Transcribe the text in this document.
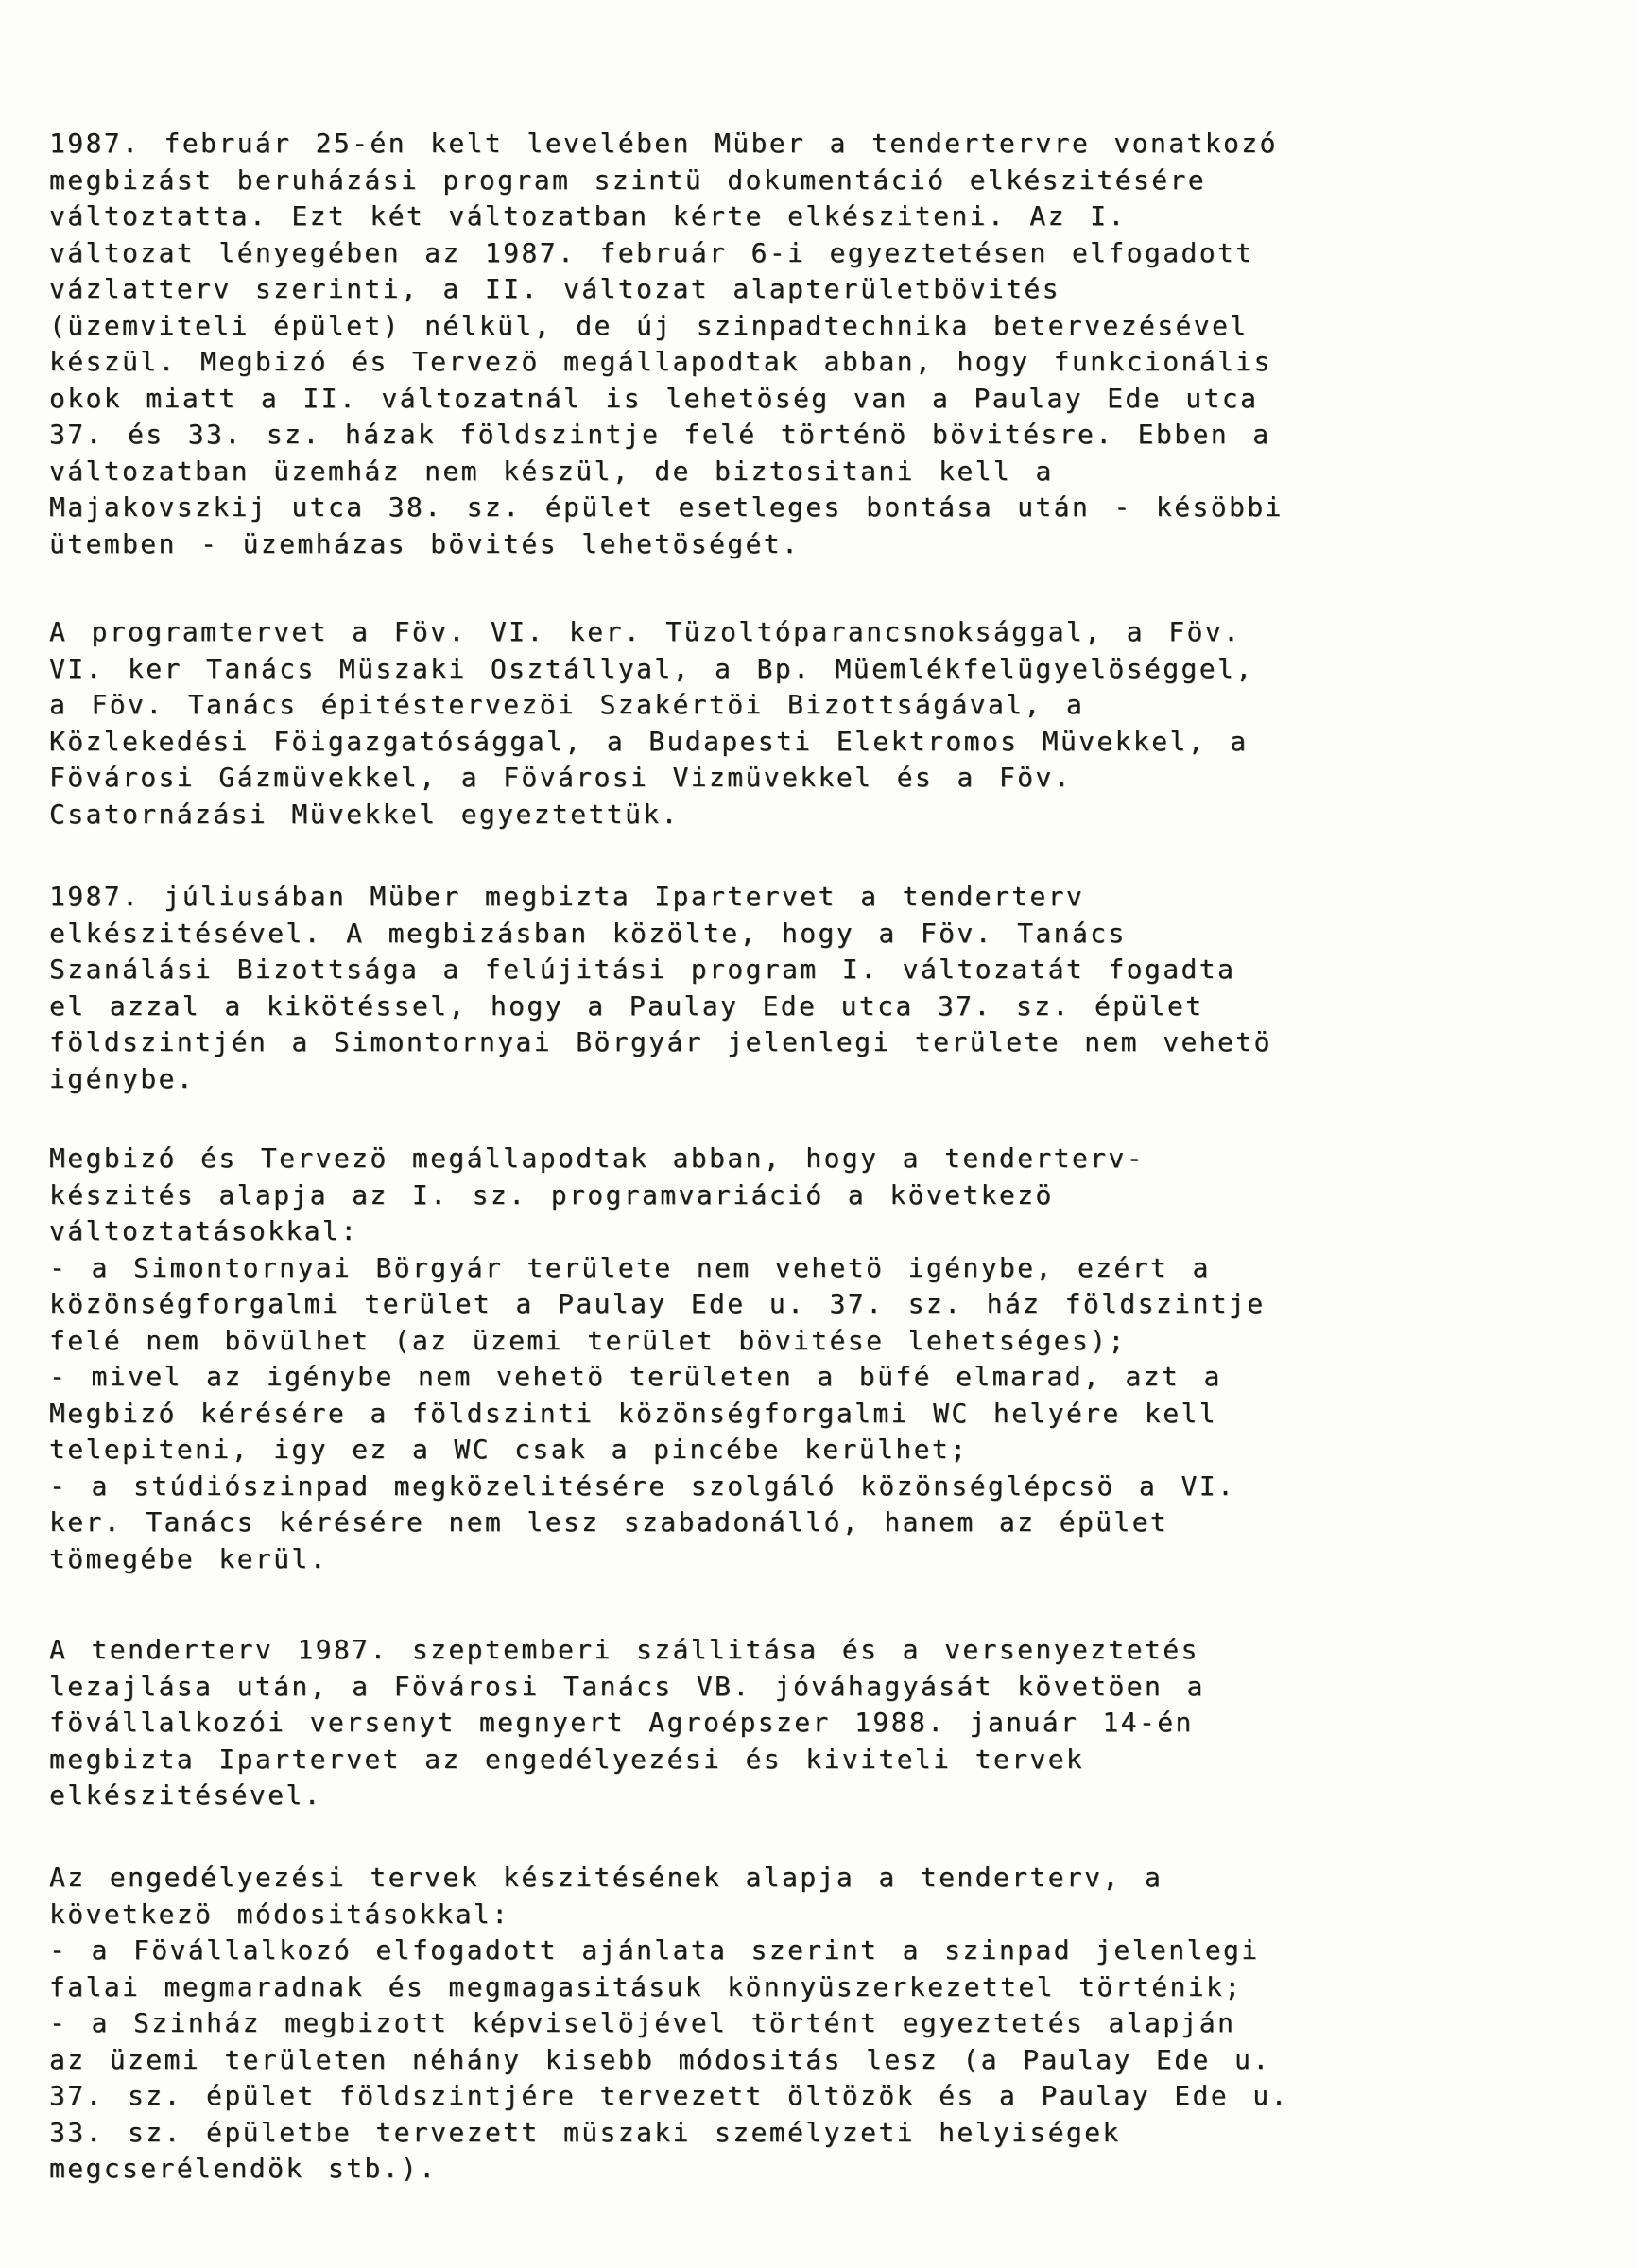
1987. február 25-én kelt levelében Müber a tendertervre vonatkozó
megbizást beruházási program szintü dokumentáció elkészitésére
változtatta. Ezt két változatban kérte elkésziteni. Az I.
változat lényegében az 1987. február 6-i egyeztetésen elfogadott
vázlatterv szerinti, a II. változat alapterületbövités
(üzemviteli épület) nélkül, de új szinpadtechnika betervezésével
készül. Megbizó és Tervezö megállapodtak abban, hogy funkcionális
okok miatt a II. változatnál is lehetöség van a Paulay Ede utca
37. és 33. sz. házak földszintje felé történö bövitésre. Ebben a
változatban üzemház nem készül, de biztositani kell a
Majakovszkij utca 38. sz. épület esetleges bontása után - késöbbi
ütemben - üzemházas bövités lehetöségét.
A programtervet a Föv. VI. ker. Tüzoltóparancsnoksággal, a Föv.
VI. ker Tanács Müszaki Osztállyal, a Bp. Müemlékfelügyelöséggel,
a Föv. Tanács épitéstervezöi Szakértöi Bizottságával, a
Közlekedési Föigazgatósággal, a Budapesti Elektromos Müvekkel, a
Fövárosi Gázmüvekkel, a Fövárosi Vizmüvekkel és a Föv.
Csatornázási Müvekkel egyeztettük.
1987. júliusában Müber megbizta Ipartervet a tenderterv
elkészitésével. A megbizásban közölte, hogy a Föv. Tanács
Szanálási Bizottsága a felújitási program I. változatát fogadta
el azzal a kikötéssel, hogy a Paulay Ede utca 37. sz. épület
földszintjén a Simontornyai Börgyár jelenlegi területe nem vehetö
igénybe.
Megbizó és Tervezö megállapodtak abban, hogy a tenderterv-
készités alapja az I. sz. programvariáció a következö
változtatásokkal:
- a Simontornyai Börgyár területe nem vehetö igénybe, ezért a
közönségforgalmi terület a Paulay Ede u. 37. sz. ház földszintje
felé nem bövülhet (az üzemi terület bövitése lehetséges);
- mivel az igénybe nem vehetö területen a büfé elmarad, azt a
Megbizó kérésére a földszinti közönségforgalmi WC helyére kell
telepiteni, igy ez a WC csak a pincébe kerülhet;
- a stúdiószinpad megközelitésére szolgáló közönséglépcsö a VI.
ker. Tanács kérésére nem lesz szabadonálló, hanem az épület
tömegébe kerül.
A tenderterv 1987. szeptemberi szállitása és a versenyeztetés
lezajlása után, a Fövárosi Tanács VB. jóváhagyását követöen a
fövállalkozói versenyt megnyert Agroépszer 1988. január 14-én
megbizta Ipartervet az engedélyezési és kiviteli tervek
elkészitésével.
Az engedélyezési tervek készitésének alapja a tenderterv, a
következö módositásokkal:
- a Fövállalkozó elfogadott ajánlata szerint a szinpad jelenlegi
falai megmaradnak és megmagasitásuk könnyüszerkezettel történik;
- a Szinház megbizott képviselöjével történt egyeztetés alapján
az üzemi területen néhány kisebb módositás lesz (a Paulay Ede u.
37. sz. épület földszintjére tervezett öltözök és a Paulay Ede u.
33. sz. épületbe tervezett müszaki személyzeti helyiségek
megcserélendök stb.).
